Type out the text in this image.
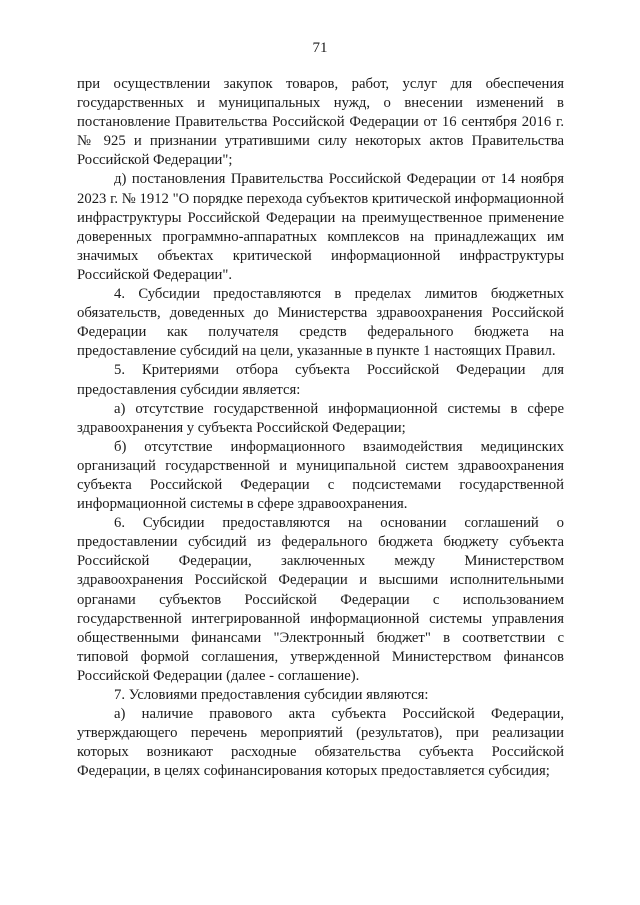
71

при осуществлении закупок товаров, работ, услуг для обеспечения государственных и муниципальных нужд, о внесении изменений в постановление Правительства Российской Федерации от 16 сентября 2016 г. № 925 и признании утратившими силу некоторых актов Правительства Российской Федерации";

д) постановления Правительства Российской Федерации от 14 ноября 2023 г. № 1912 "О порядке перехода субъектов критической информационной инфраструктуры Российской Федерации на преимущественное применение доверенных программно-аппаратных комплексов на принадлежащих им значимых объектах критической информационной инфраструктуры Российской Федерации".

4. Субсидии предоставляются в пределах лимитов бюджетных обязательств, доведенных до Министерства здравоохранения Российской Федерации как получателя средств федерального бюджета на предоставление субсидий на цели, указанные в пункте 1 настоящих Правил.

5. Критериями отбора субъекта Российской Федерации для предоставления субсидии является:

а) отсутствие государственной информационной системы в сфере здравоохранения у субъекта Российской Федерации;

б) отсутствие информационного взаимодействия медицинских организаций государственной и муниципальной систем здравоохранения субъекта Российской Федерации с подсистемами государственной информационной системы в сфере здравоохранения.

6. Субсидии предоставляются на основании соглашений о предоставлении субсидий из федерального бюджета бюджету субъекта Российской Федерации, заключенных между Министерством здравоохранения Российской Федерации и высшими исполнительными органами субъектов Российской Федерации с использованием государственной интегрированной информационной системы управления общественными финансами "Электронный бюджет" в соответствии с типовой формой соглашения, утвержденной Министерством финансов Российской Федерации (далее - соглашение).

7. Условиями предоставления субсидии являются:

а) наличие правового акта субъекта Российской Федерации, утверждающего перечень мероприятий (результатов), при реализации которых возникают расходные обязательства субъекта Российской Федерации, в целях софинансирования которых предоставляется субсидия;
